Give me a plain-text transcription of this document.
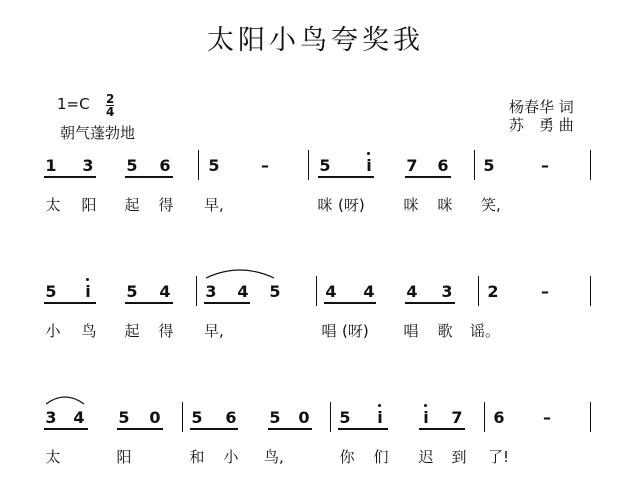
太阳小鸟夸奖我
$1=C \frac{2}{4}$
朝气蓬勃地
杨春华 词
苏　勇 曲
1 3 5 6 5	–	5 i 7 6 5	–
太 阳 起 得 早,	咪 (呀)	咪 咪 笑,
5 i 5 4 3 4 5	4 4 4 3 2	–
小 鸟 起 得 早,	唱 (呀) 唱 歌 谣。
3 4 5 0 5 6 5 0 5 i	i 7 6 –
太	阳	和 小 鸟,	你 们 迟 到 了!
